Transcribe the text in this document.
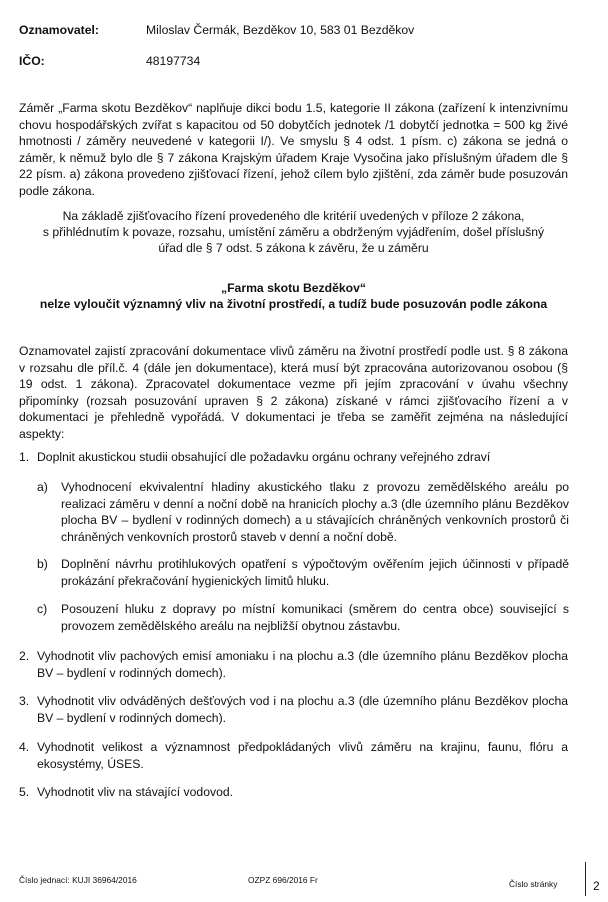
Oznamovatel:	Miloslav Čermák, Bezděkov 10, 583 01 Bezděkov
IČO:	48197734
Záměr „Farma skotu Bezděkov“ naplňuje dikci bodu 1.5, kategorie II zákona (zařízení k intenzivnímu chovu hospodářských zvířat s kapacitou od 50 dobytčích jednotek /1 dobytčí jednotka = 500 kg živé hmotnosti / záměry neuvedené v kategorii I/). Ve smyslu § 4 odst. 1 písm. c) zákona se jedná o záměr, k němuž bylo dle § 7 zákona Krajským úřadem Kraje Vysočina jako příslušným úřadem dle § 22 písm. a) zákona provedeno zjišťovací řízení, jehož cílem bylo zjištění, zda záměr bude posuzován podle zákona.
Na základě zjišťovacího řízení provedeného dle kritérií uvedených v příloze 2 zákona,
s přihlédnutím k povaze, rozsahu, umístění záměru a obdrženým vyjádřením, došel příslušný
úřad dle § 7 odst. 5 zákona k závěru, že u záměru
„Farma skotu Bezděkov“
nelze vyloučit významný vliv na životní prostředí, a tudíž bude posuzován podle zákona
Oznamovatel zajistí zpracování dokumentace vlivů záměru na životní prostředí podle ust. § 8 zákona v rozsahu dle příl.č. 4 (dále jen dokumentace), která musí být zpracována autorizovanou osobou (§ 19 odst. 1 zákona). Zpracovatel dokumentace vezme při jejím zpracování v úvahu všechny připomínky (rozsah posuzování upraven § 2 zákona) získané v rámci zjišťovacího řízení a v dokumentaci je přehledně vypořádá. V dokumentaci je třeba se zaměřit zejména na následující aspekty:
1. Doplnit akustickou studii obsahující dle požadavku orgánu ochrany veřejného zdraví
a) Vyhodnocení ekvivalentní hladiny akustického tlaku z provozu zemědělského areálu po realizaci záměru v denní a noční době na hranicích plochy a.3 (dle územního plánu Bezděkov plocha BV – bydlení v rodinných domech) a u stávajících chráněných venkovních prostorů či chráněných venkovních prostorů staveb v denní a noční době.
b) Doplnění návrhu protihlukových opatření s výpočtovým ověřením jejich účinnosti v případě prokázání překračování hygienických limitů hluku.
c) Posouzení hluku z dopravy po místní komunikaci (směrem do centra obce) související s provozem zemědělského areálu na nejbližší obytnou zástavbu.
2. Vyhodnotit vliv pachových emisí amoniaku i na plochu a.3 (dle územního plánu Bezděkov plocha BV – bydlení v rodinných domech).
3. Vyhodnotit vliv odváděných dešťových vod i na plochu a.3 (dle územního plánu Bezděkov plocha BV – bydlení v rodinných domech).
4. Vyhodnotit velikost a významnost předpokládaných vlivů záměru na krajinu, faunu, flóru a ekosystémy, ÚSES.
5. Vyhodnotit vliv na stávající vodovod.
Číslo jednací: KUJI 36964/2016	OZPZ 696/2016 Fr	Číslo stránky	2
